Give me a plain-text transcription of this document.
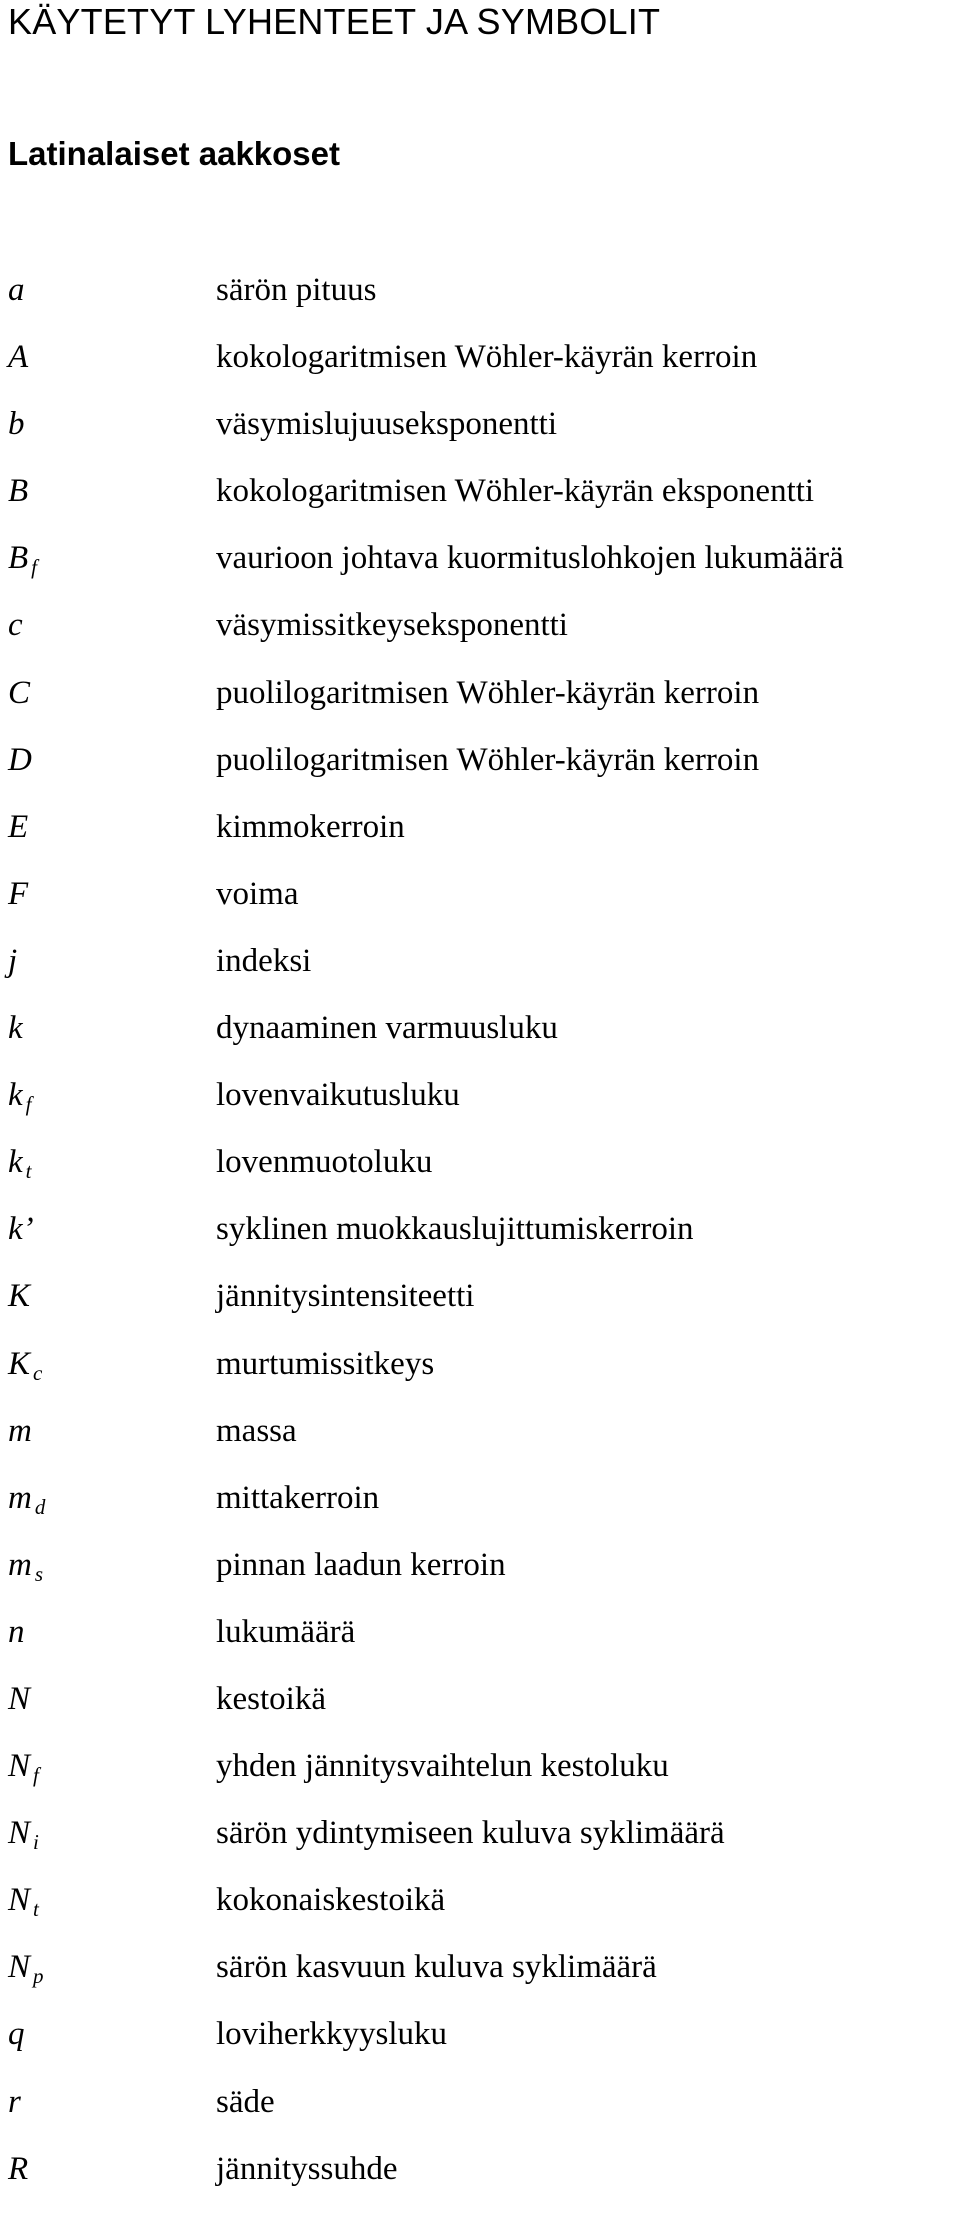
KÄYTETYT LYHENTEET JA SYMBOLIT
Latinalaiset aakkoset
a	särön pituus
A	kokologaritmisen Wöhler-käyrän kerroin
b	väsymislujuuseksponentti
B	kokologaritmisen Wöhler-käyrän eksponentti
B $_f$	vaurioon johtava kuormituslohkojen lukumäärä
c	väsymissitkeyseksponentti
C	puolilogaritmisen Wöhler-käyrän kerroin
D	puolilogaritmisen Wöhler-käyrän kerroin
E	kimmokerroin
F	voima
j	indeksi
k	dynaaminen varmuusluku
k $_f$	lovenvaikutusluku
k $_t$	lovenmuotoluku
k’	syklinen muokkauslujittumiskerroin
K	jännitysintensiteetti
K $_c$	murtumissitkeys
m	massa
m $_d$	mittakerroin
m $_s$	pinnan laadun kerroin
n	lukumäärä
N	kestoikä
N $_f$	yhden jännitysvaihtelun kestoluku
N $_i$	särön ydintymiseen kuluva syklimäärä
N $_t$	kokonaiskestoikä
N $_p$	särön kasvuun kuluva syklimäärä
q	loviherkkyysluku
r	säde
R	jännityssuhde
